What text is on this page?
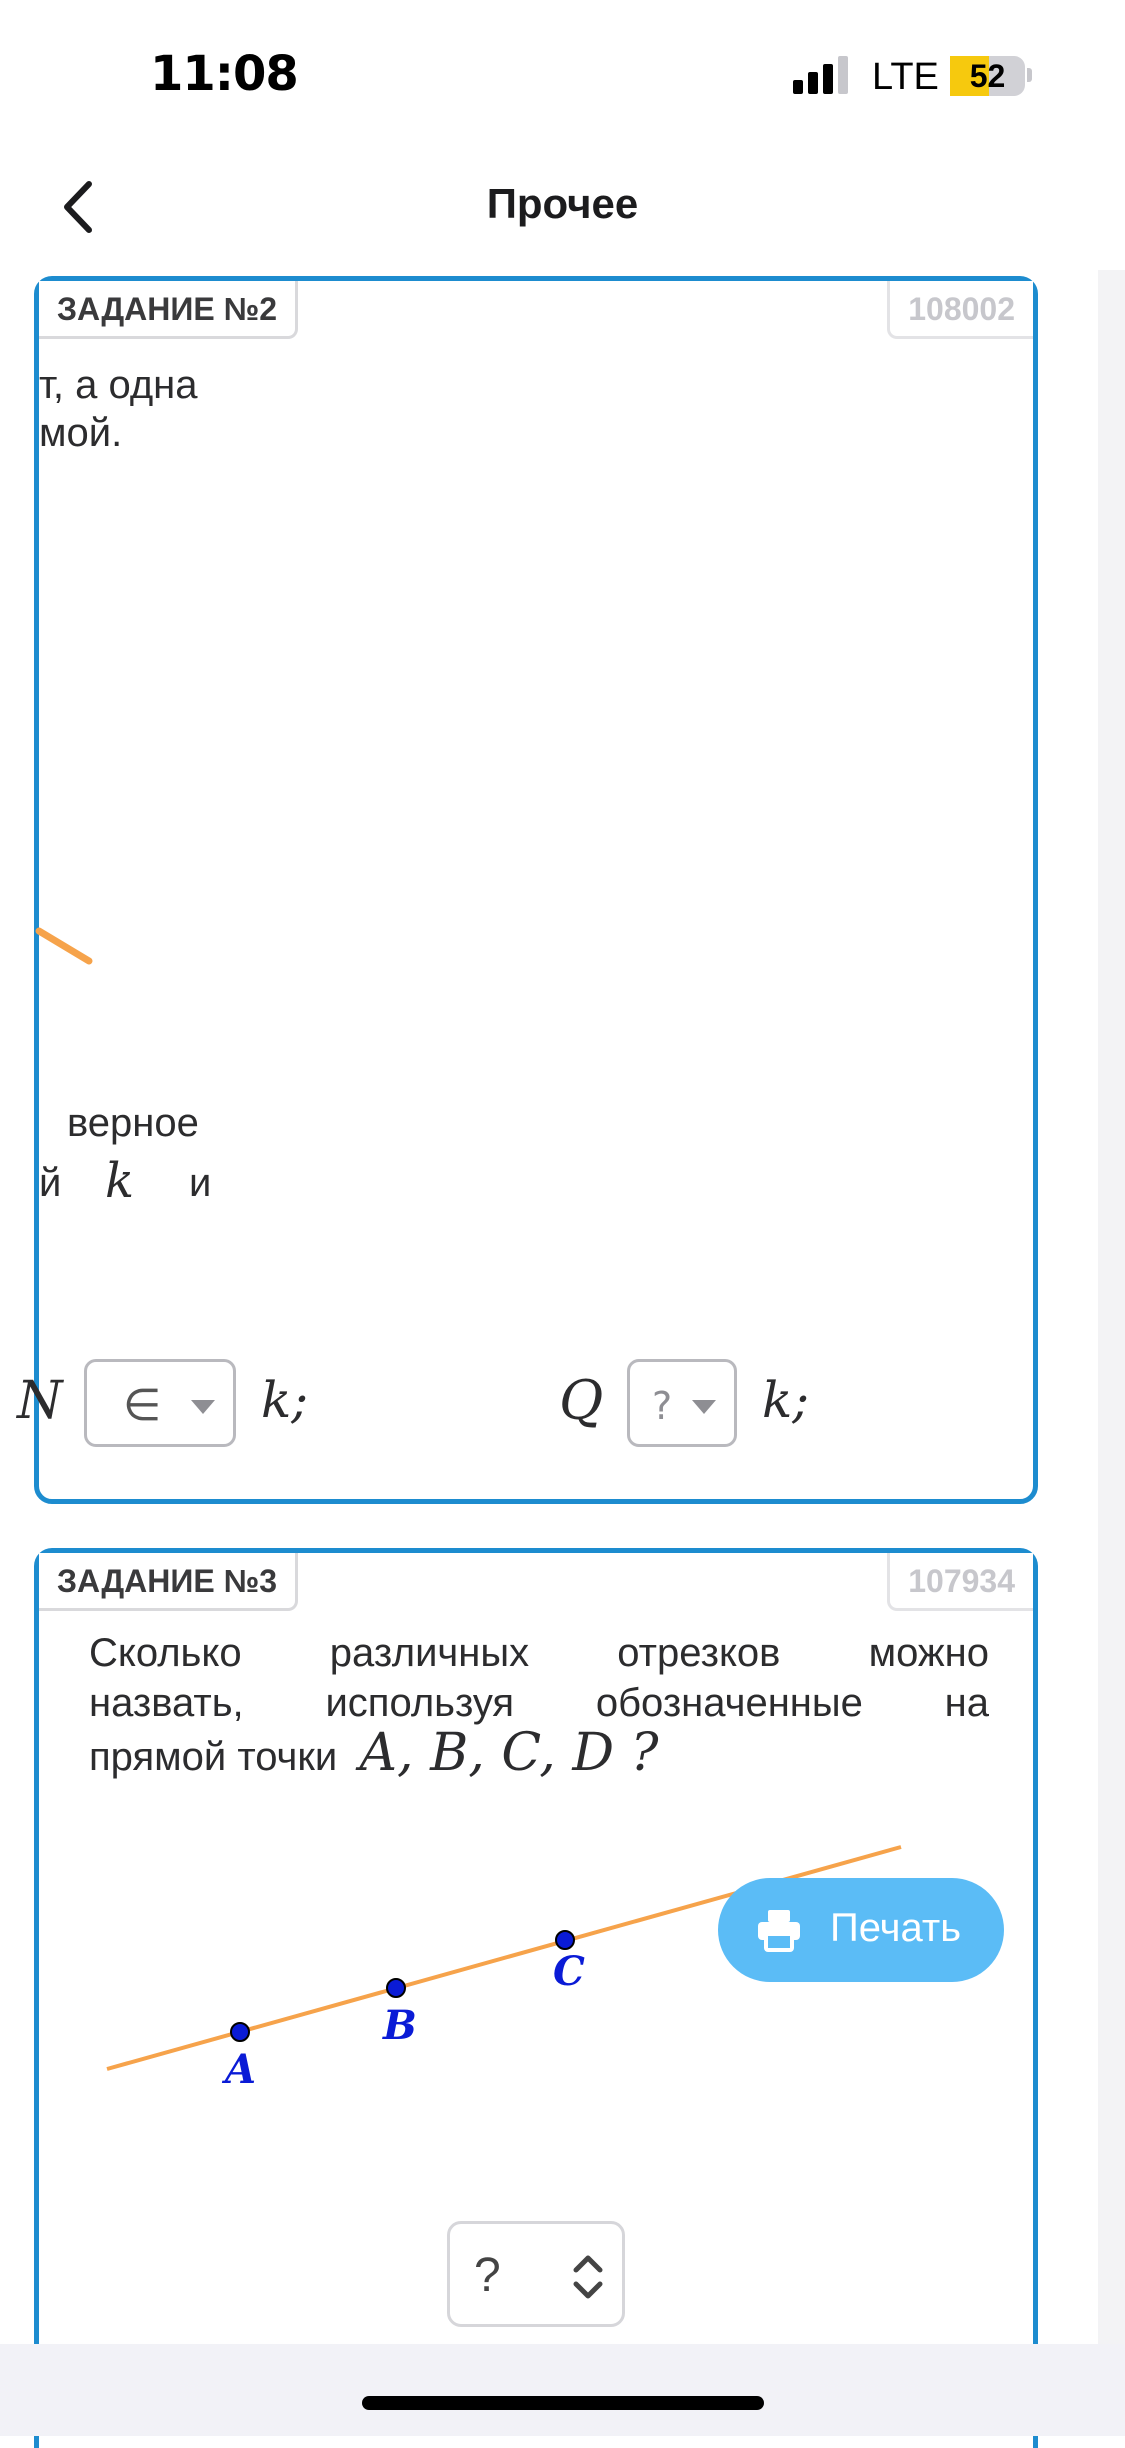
11:08	LTE 52
Прочее
ЗАДАНИЕ №2	108002
т, а одна
мой.
верное
й k и
N ∈ k;	Q ? k;
ЗАДАНИЕ №3	107934
Сколько различных отрезков можно
назвать, используя обозначенные на
прямой точки A, B, C, D ?
A
B
C
Печать
?
